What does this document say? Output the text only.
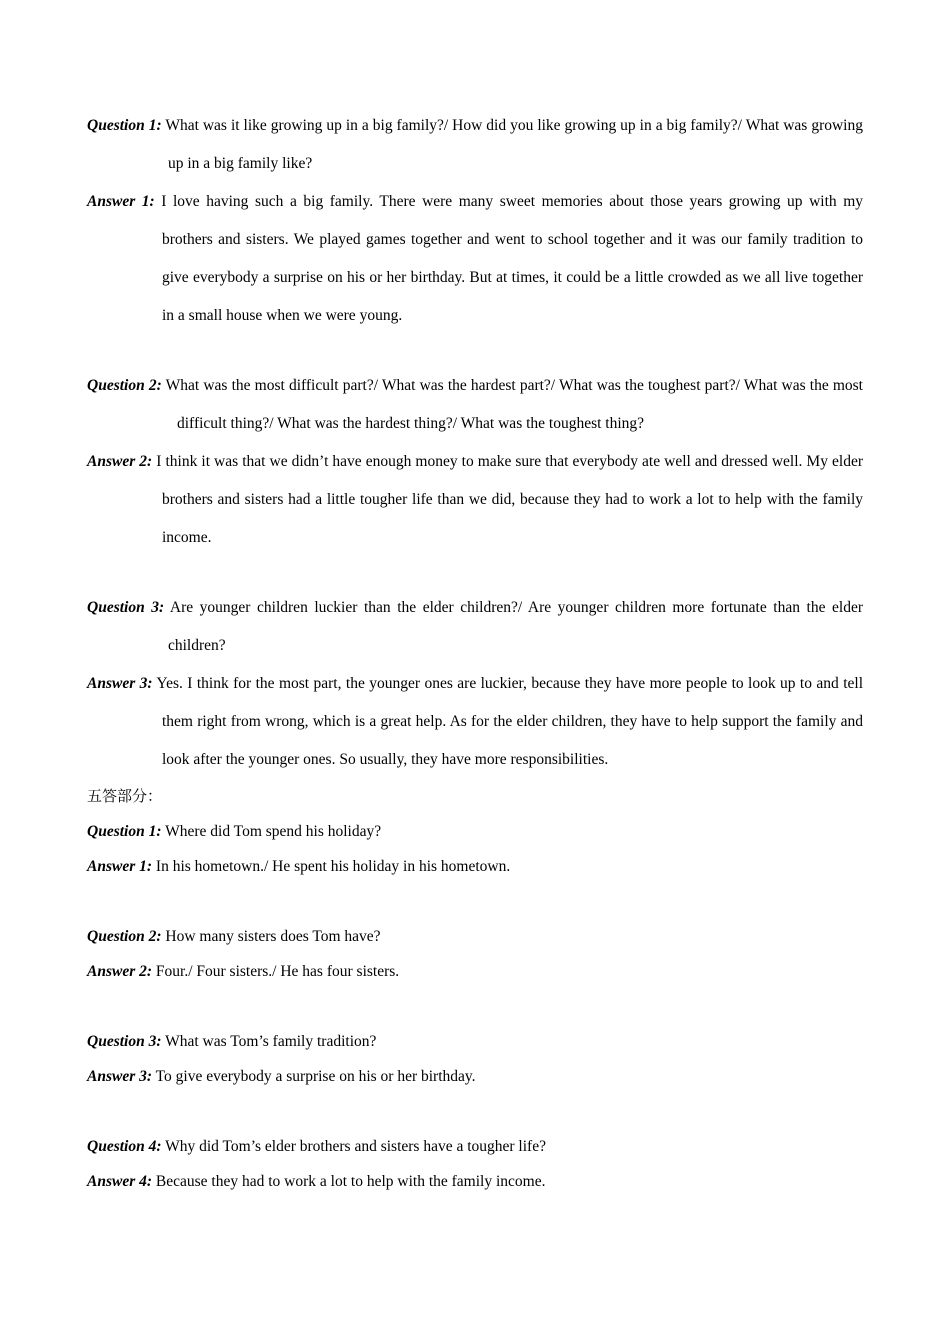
Question 1: What was it like growing up in a big family?/ How did you like growing up in a big family?/ What was growing up in a big family like?
Answer 1: I love having such a big family. There were many sweet memories about those years growing up with my brothers and sisters. We played games together and went to school together and it was our family tradition to give everybody a surprise on his or her birthday. But at times, it could be a little crowded as we all live together in a small house when we were young.
Question 2: What was the most difficult part?/ What was the hardest part?/ What was the toughest part?/ What was the most difficult thing?/ What was the hardest thing?/ What was the toughest thing?
Answer 2: I think it was that we didn’t have enough money to make sure that everybody ate well and dressed well. My elder brothers and sisters had a little tougher life than we did, because they had to work a lot to help with the family income.
Question 3: Are younger children luckier than the elder children?/ Are younger children more fortunate than the elder children?
Answer 3: Yes. I think for the most part, the younger ones are luckier, because they have more people to look up to and tell them right from wrong, which is a great help. As for the elder children, they have to help support the family and look after the younger ones. So usually, they have more responsibilities.
五答部分：
Question 1: Where did Tom spend his holiday?
Answer 1: In his hometown./ He spent his holiday in his hometown.
Question 2: How many sisters does Tom have?
Answer 2: Four./ Four sisters./ He has four sisters.
Question 3: What was Tom’s family tradition?
Answer 3: To give everybody a surprise on his or her birthday.
Question 4: Why did Tom’s elder brothers and sisters have a tougher life?
Answer 4: Because they had to work a lot to help with the family income.
